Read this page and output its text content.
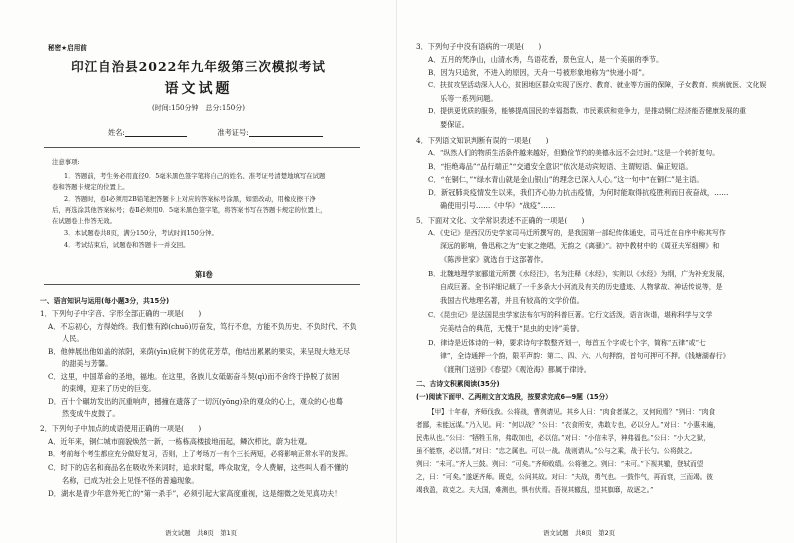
秘密★启用前
印江自治县2022年九年级第三次模拟考试
语文试题
(时间:150分钟　总分:150分)
姓名:	准考证号:
注意事项:
1．答题前，考生务必用直径0．5毫米黑色签字笔将自己的姓名、准考证号清楚地填写在试题
卷和答题卡规定的位置上。
2．答题时，卷Ⅰ必须用2B铅笔把答题卡上对应的答案标号涂黑，如需改动，用橡皮擦干净
后，再选涂其他答案标号；卷Ⅱ必须用0．5毫米黑色签字笔，将答案书写在答题卡规定的位置上，
在试题卷上作答无效。
3．本试题卷共8页，满分150分，考试时间150分钟。
4．考试结束后，试题卷和答题卡一并交回。
第Ⅰ卷
一、语言知识与运用(每小题3分，共15分)
1．下列句子中字音、字形全部正确的一项是(　　)
A．不忘初心，方得始终。我们惟有踔(chuō)厉奋发，笃行不怠，方能不负历史、不负时代、不负
人民。
B．他伸展出他如盖的浓阴，来荫(yīn)庇树下的优花芳草，他结出累累的果实，来呈现大地无尽
的甜美与芳馨。
C．这里，中国革命的圣地，福地。在这里，各族儿女砥砺奋斗契(qì)而不舍终于挣脱了贫困
的束缚，迎来了历史的巨变。
D．百十个碾坊发出的沉重响声，撼撞在遗落了一切沉(yōng)杂的观众的心上，观众的心也蓦
然变成牛皮鼓了。
2．下列句子中加点的成语使用正确的一项是(　　)
A．近年来，铜仁城市面貌焕然一新，一栋栋高楼拔地而起，鳞次栉比，蔚为壮观。
B．考前每个考生都应充分做好复习，否则，上了考场万一有个三长两短，必将影响正常水平的发挥。
C．时下的店名和商品名在吸收外来词时，追求时髦，哗众取宠，令人费解，这些叫人看不懂的
名称，已成为社会上见怪不怪的普遍现象。
D．湖水是青少年意外死亡的“第一杀手”，必须引起大家高度重视，这是细微之处见真功夫！
语文试题　共8页　第1页
3．下列句子中没有语病的一项是(　　)
A．五月的梵净山，山清水秀，鸟语花香，景色宜人，是一个美丽的季节。
B．因为只追赏，不进入的原因，天舟一号被形象地称为“快递小哥”。
C．扶贫攻坚活动深入人心，贫困地区群众实现了医疗、教育、就业等方面的保障，子女教育、疾病就医、文化娱
乐等一系列问题。
D．提供更优质的服务，能够提高国民的幸福指数、市民素质和竞争力，是推动铜仁经济能否健康发展的重
要保证。
4．下列语文知识判断有误的一项是(　　)
A．“纵然人们的物质生活条件越来越好，但勤俭节约的美德永远不会过时。”这是一个转折复句。
B．“拒绝毒品”“品行端正”“交通安全意识”依次是动宾短语、主谓短语、偏正短语。
C．“在铜仁，”“绿水青山就是金山银山”的理念已深入人心。”这一句中“在铜仁”是主语。
D．新冠肺炎疫情发生以来，我们齐心协力抗击疫情，为何时能取得抗疫胜利而日夜奋战，……
确使用引号……《中华》“战疫”……
5．下面对文化、文学常识表述不正确的一项是(　　)
A．《史记》是西汉历史学家司马迁所撰写的，是我国第一部纪传体通史，司马迁在自序中称其写作
深远的影响，鲁迅称之为“史家之绝唱，无韵之《离骚》”。初中教材中的《周亚夫军细柳》和
《陈涉世家》就选自于这部著作。
B．北魏地理学家郦道元所撰《水经注》，名为注释《水经》，实则以《水经》为纲，广为补充发展，
自成巨著。全书详细记载了一千多条大小河流及有关的历史遗迹、人物掌故、神话传说等，是
我国古代地理名著，并且有较高的文学价值。
C．《昆虫记》是法国昆虫学家法布尔写的科普巨著。它行文活泼，语言诙谐，堪称科学与文学
完美结合的典范，无愧于“昆虫的史诗”美誉。
D．律诗是近体诗的一种，要求诗句字数整齐划一，每首五个字或七个字，简称“五律”或“七
律”，全诗通押一个韵，限平声韵：第二、四、六、八句押韵，首句可押可不押。《钱塘湖春行》
《渡荆门送别》《春望》《观沧海》都属于律诗。
二、古诗文积累阅读(35分)
(一)阅读下面甲、乙两则文言文选段，按要求完成6—9题（15分）
【甲】十年春，齐师伐我。公将战，曹刿请见。其乡人曰：“肉食者谋之，又何间焉？”刿曰：“肉食
者鄙，未能远谋。”乃入见。问：“何以战？”公曰：“衣食所安，弗敢专也，必以分人。”对曰：“小惠未遍，
民弗从也。”公曰：“牺牲玉帛，弗敢加也，必以信。”对曰：“小信未孚，神弗福也。”公曰：“小大之狱，
虽不能察，必以情。”对曰：“忠之属也。可以一战。战则请从。”公与之乘，战于长勺。公将鼓之。
刿曰：“未可。”齐人三鼓。刿曰：“可矣。”齐师败绩。公将驰之。刿曰：“未可。”下视其辙，登轼而望
之，曰：“可矣。”遂逐齐师。既克，公问其故。对曰：“夫战，勇气也。一鼓作气，再而衰，三而竭。彼
竭我盈，故克之。夫大国，难测也，惧有伏焉。吾视其辙乱，望其旗靡，故逐之。”
语文试题　共8页　第2页
